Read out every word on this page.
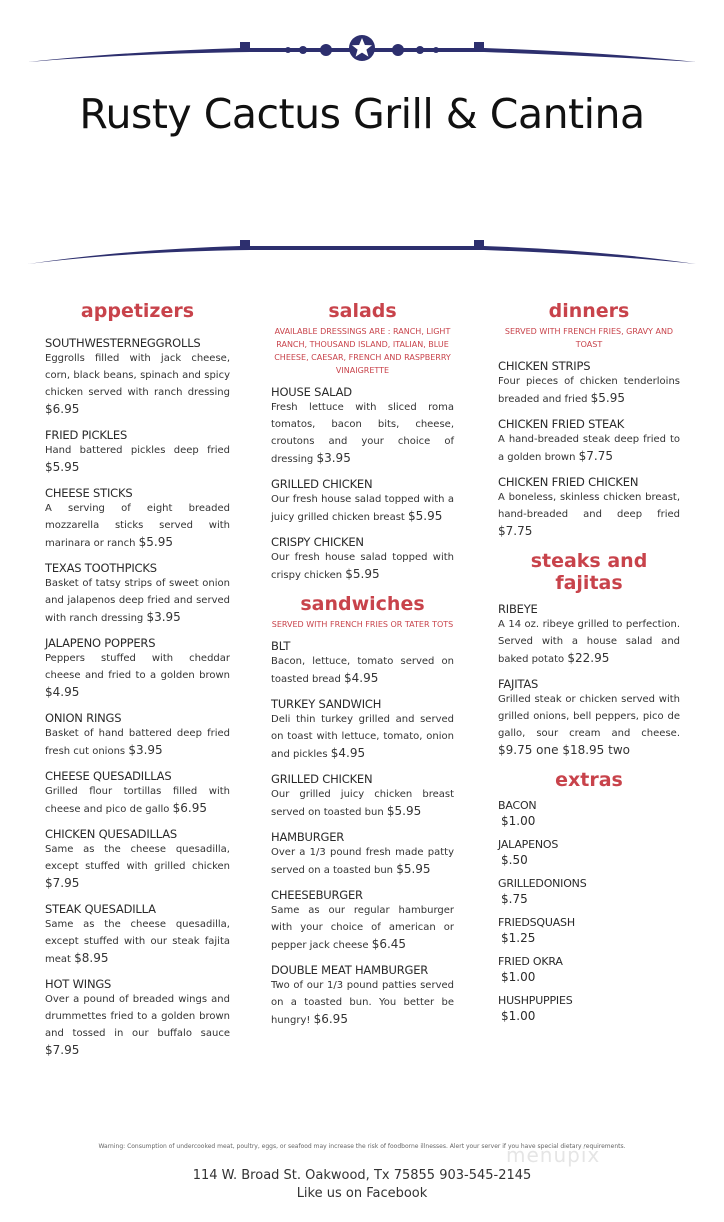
Rusty Cactus Grill & Cantina
appetizers
SOUTHWESTERNEGGROLLS
Eggrolls filled with jack cheese, corn, black beans, spinach and spicy chicken served with ranch dressing $6.95
FRIED PICKLES
Hand battered pickles deep fried $5.95
CHEESE STICKS
A serving of eight breaded mozzarella sticks served with marinara or ranch $5.95
TEXAS TOOTHPICKS
Basket of tatsy strips of sweet onion and jalapenos deep fried and served with ranch dressing $3.95
JALAPENO POPPERS
Peppers stuffed with cheddar cheese and fried to a golden brown $4.95
ONION RINGS
Basket of hand battered deep fried fresh cut onions $3.95
CHEESE QUESADILLAS
Grilled flour tortillas filled with cheese and pico de gallo $6.95
CHICKEN QUESADILLAS
Same as the cheese quesadilla, except stuffed with grilled chicken $7.95
STEAK QUESADILLA
Same as the cheese quesadilla, except stuffed with our steak fajita meat $8.95
HOT WINGS
Over a pound of breaded wings and drummettes fried to a golden brown and tossed in our buffalo sauce $7.95
salads
AVAILABLE DRESSINGS ARE : RANCH, LIGHT RANCH, THOUSAND ISLAND, ITALIAN, BLUE CHEESE, CAESAR, FRENCH AND RASPBERRY VINAIGRETTE
HOUSE SALAD
Fresh lettuce with sliced roma tomatos, bacon bits, cheese, croutons and your choice of dressing $3.95
GRILLED CHICKEN
Our fresh house salad topped with a juicy grilled chicken breast $5.95
CRISPY CHICKEN
Our fresh house salad topped with crispy chicken $5.95
sandwiches
SERVED WITH FRENCH FRIES OR TATER TOTS
BLT
Bacon, lettuce, tomato served on toasted bread $4.95
TURKEY SANDWICH
Deli thin turkey grilled and served on toast with lettuce, tomato, onion and pickles $4.95
GRILLED CHICKEN
Our grilled juicy chicken breast served on toasted bun $5.95
HAMBURGER
Over a 1/3 pound fresh made patty served on a toasted bun $5.95
CHEESEBURGER
Same as our regular hamburger with your choice of american or pepper jack cheese $6.45
DOUBLE MEAT HAMBURGER
Two of our 1/3 pound patties served on a toasted bun. You better be hungry! $6.95
dinners
SERVED WITH FRENCH FRIES, GRAVY AND TOAST
CHICKEN STRIPS
Four pieces of chicken tenderloins breaded and fried $5.95
CHICKEN FRIED STEAK
A hand-breaded steak deep fried to a golden brown $7.75
CHICKEN FRIED CHICKEN
A boneless, skinless chicken breast, hand-breaded and deep fried $7.75
steaks and fajitas
RIBEYE
A 14 oz. ribeye grilled to perfection. Served with a house salad and baked potato $22.95
FAJITAS
Grilled steak or chicken served with grilled onions, bell peppers, pico de gallo, sour cream and cheese. $9.75 one $18.95 two
extras
BACON
$1.00
JALAPENOS
$.50
GRILLEDONIONS
$.75
FRIEDSQUASH
$1.25
FRIED OKRA
$1.00
HUSHPUPPIES
$1.00
Warning: Consumption of undercooked meat, poultry, eggs, or seafood may increase the risk of foodborne illnesses. Alert your server if you have special dietary requirements.
menupix
114 W. Broad St. Oakwood, Tx 75855 903-545-2145
Like us on Facebook
